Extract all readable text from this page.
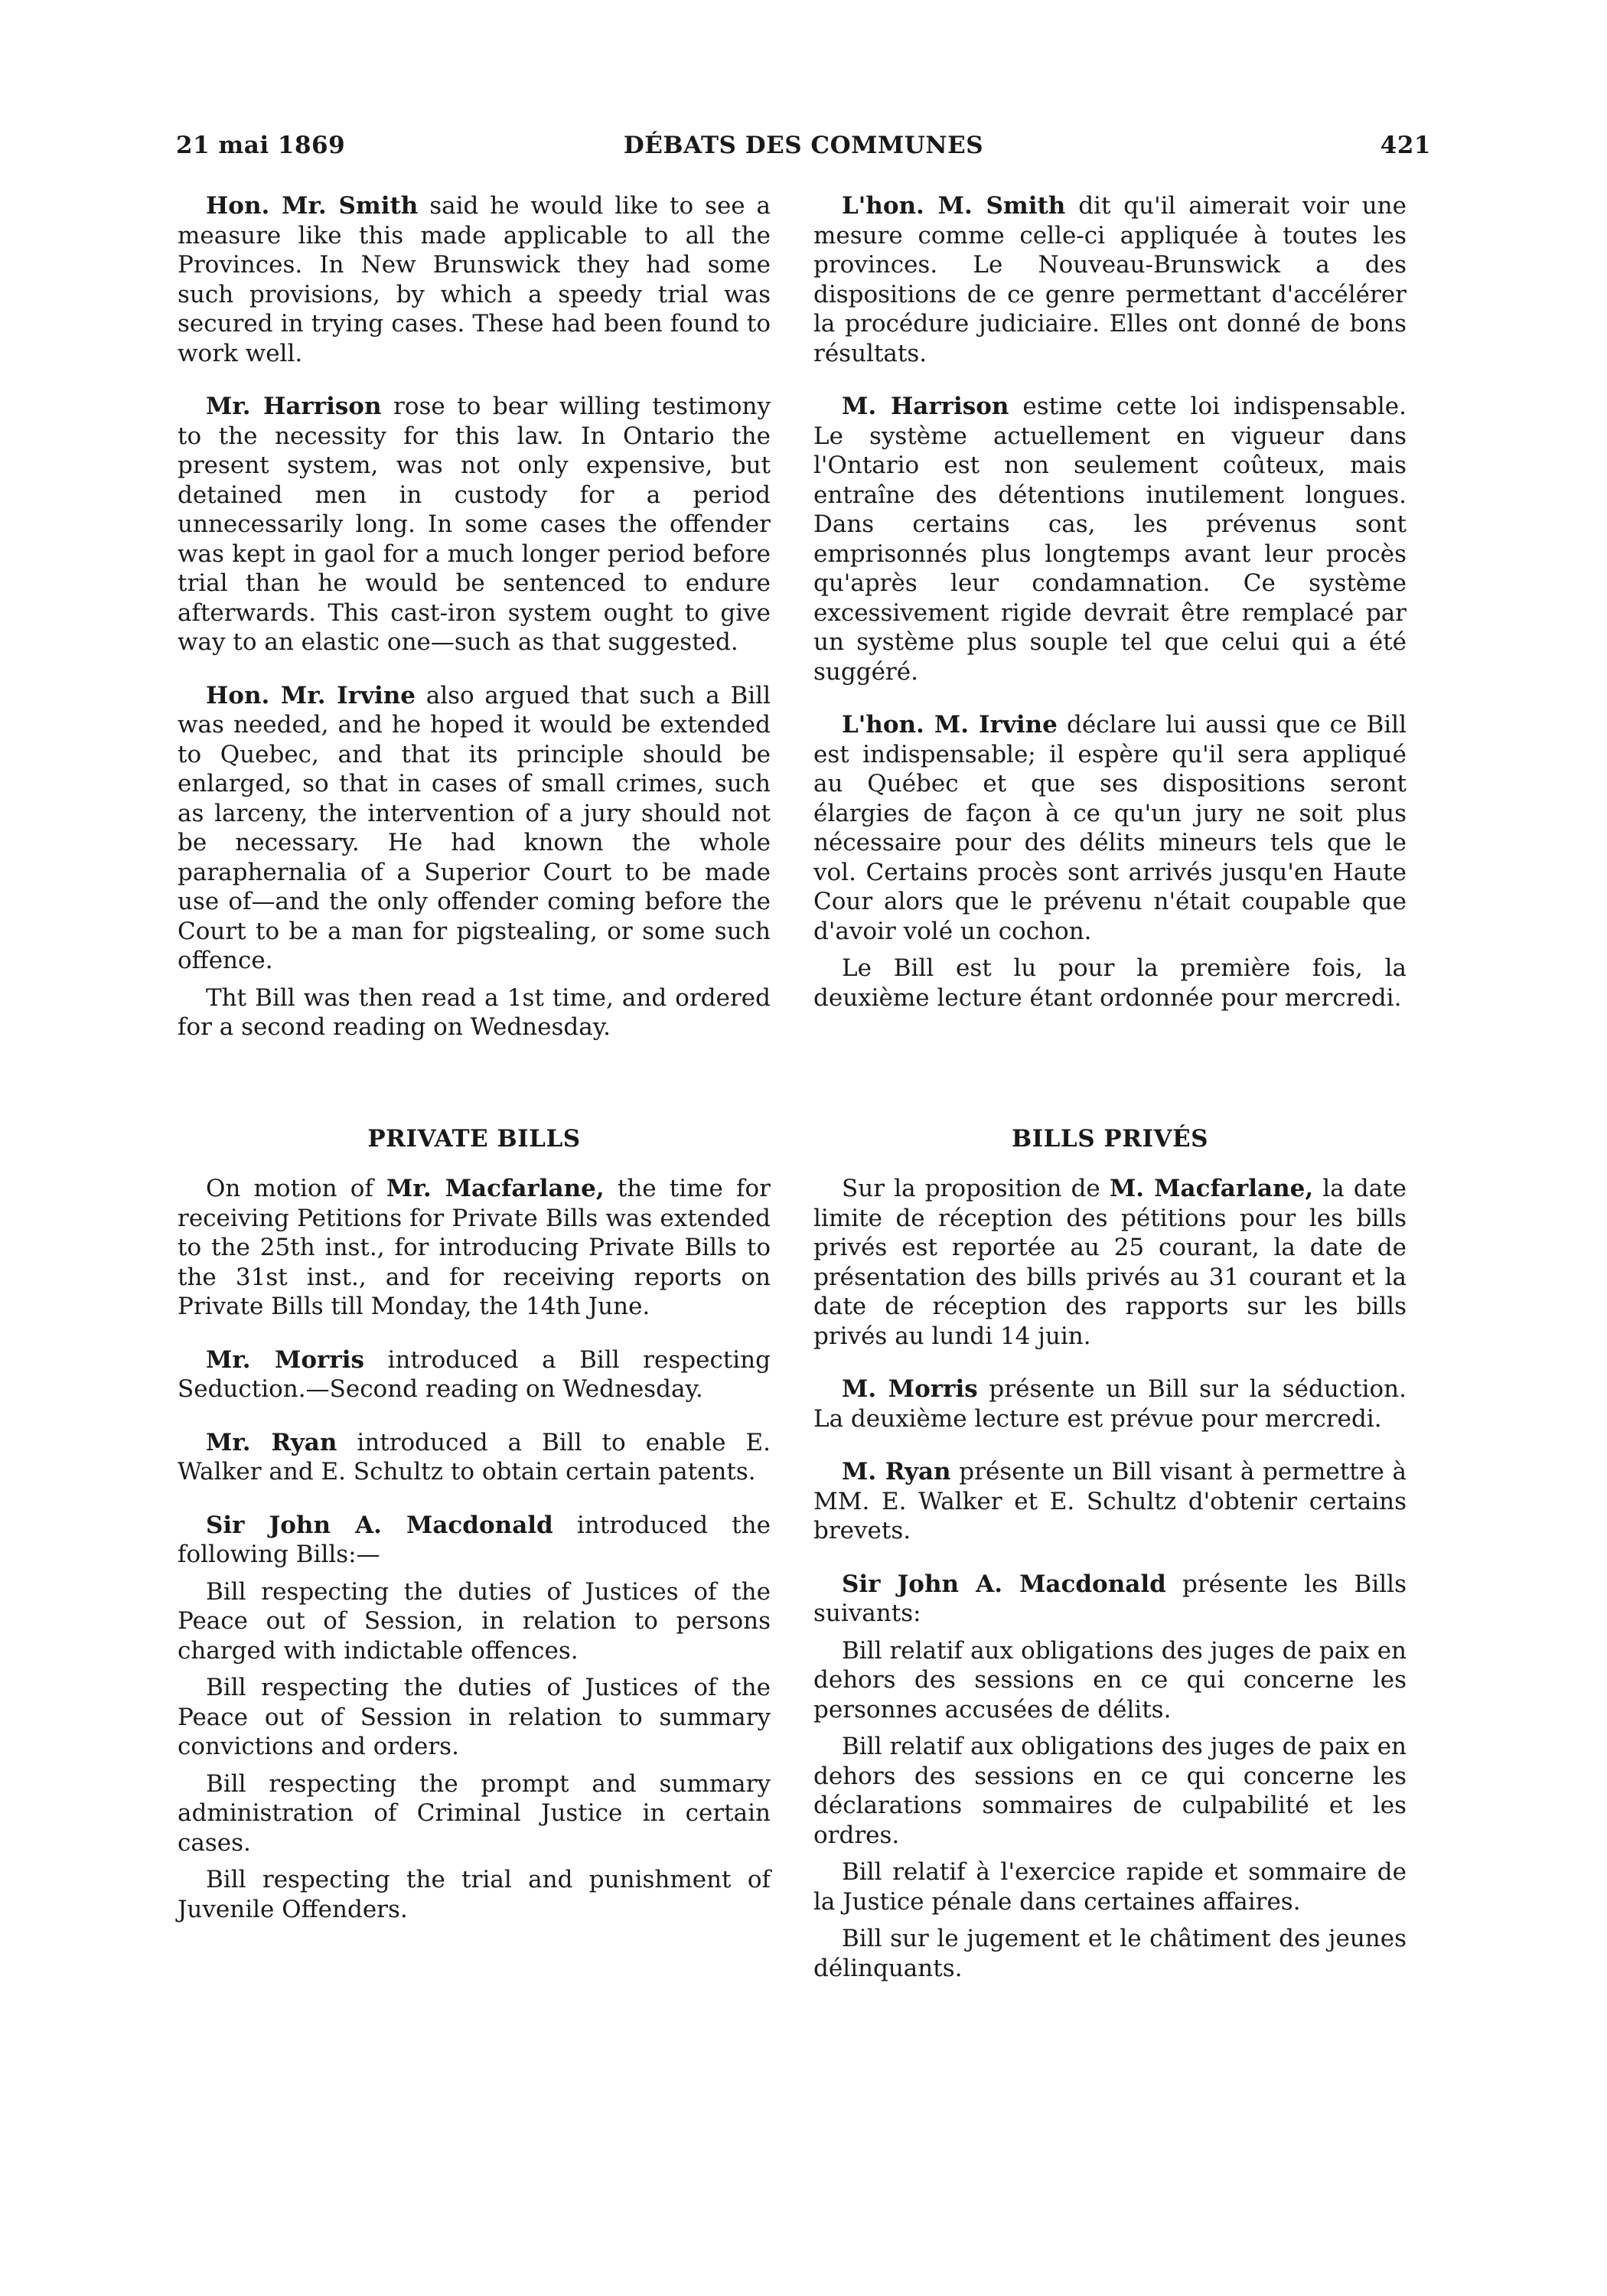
21 mai 1869	DÉBATS DES COMMUNES	421

Hon. Mr. Smith said he would like to see a measure like this made applicable to all the Provinces. In New Brunswick they had some such provisions, by which a speedy trial was secured in trying cases. These had been found to work well.

Mr. Harrison rose to bear willing testimony to the necessity for this law. In Ontario the present system, was not only expensive, but detained men in custody for a period unnecessarily long. In some cases the offender was kept in gaol for a much longer period before trial than he would be sentenced to endure afterwards. This cast-iron system ought to give way to an elastic one—such as that suggested.

Hon. Mr. Irvine also argued that such a Bill was needed, and he hoped it would be extended to Quebec, and that its principle should be enlarged, so that in cases of small crimes, such as larceny, the intervention of a jury should not be necessary. He had known the whole paraphernalia of a Superior Court to be made use of—and the only offender coming before the Court to be a man for pigstealing, or some such offence.

Tht Bill was then read a 1st time, and ordered for a second reading on Wednesday.

L'hon. M. Smith dit qu'il aimerait voir une mesure comme celle-ci appliquée à toutes les provinces. Le Nouveau-Brunswick a des dispositions de ce genre permettant d'accélérer la procédure judiciaire. Elles ont donné de bons résultats.

M. Harrison estime cette loi indispensable. Le système actuellement en vigueur dans l'Ontario est non seulement coûteux, mais entraîne des détentions inutilement longues. Dans certains cas, les prévenus sont emprisonnés plus longtemps avant leur procès qu'après leur condamnation. Ce système excessivement rigide devrait être remplacé par un système plus souple tel que celui qui a été suggéré.

L'hon. M. Irvine déclare lui aussi que ce Bill est indispensable; il espère qu'il sera appliqué au Québec et que ses dispositions seront élargies de façon à ce qu'un jury ne soit plus nécessaire pour des délits mineurs tels que le vol. Certains procès sont arrivés jusqu'en Haute Cour alors que le prévenu n'était coupable que d'avoir volé un cochon.

Le Bill est lu pour la première fois, la deuxième lecture étant ordonnée pour mercredi.

PRIVATE BILLS

On motion of Mr. Macfarlane, the time for receiving Petitions for Private Bills was extended to the 25th inst., for introducing Private Bills to the 31st inst., and for receiving reports on Private Bills till Monday, the 14th June.

Mr. Morris introduced a Bill respecting Seduction.—Second reading on Wednesday.

Mr. Ryan introduced a Bill to enable E. Walker and E. Schultz to obtain certain patents.

Sir John A. Macdonald introduced the following Bills:—

Bill respecting the duties of Justices of the Peace out of Session, in relation to persons charged with indictable offences.

Bill respecting the duties of Justices of the Peace out of Session in relation to summary convictions and orders.

Bill respecting the prompt and summary administration of Criminal Justice in certain cases.

Bill respecting the trial and punishment of Juvenile Offenders.

BILLS PRIVÉS

Sur la proposition de M. Macfarlane, la date limite de réception des pétitions pour les bills privés est reportée au 25 courant, la date de présentation des bills privés au 31 courant et la date de réception des rapports sur les bills privés au lundi 14 juin.

M. Morris présente un Bill sur la séduction. La deuxième lecture est prévue pour mercredi.

M. Ryan présente un Bill visant à permettre à MM. E. Walker et E. Schultz d'obtenir certains brevets.

Sir John A. Macdonald présente les Bills suivants:

Bill relatif aux obligations des juges de paix en dehors des sessions en ce qui concerne les personnes accusées de délits.

Bill relatif aux obligations des juges de paix en dehors des sessions en ce qui concerne les déclarations sommaires de culpabilité et les ordres.

Bill relatif à l'exercice rapide et sommaire de la Justice pénale dans certaines affaires.

Bill sur le jugement et le châtiment des jeunes délinquants.
